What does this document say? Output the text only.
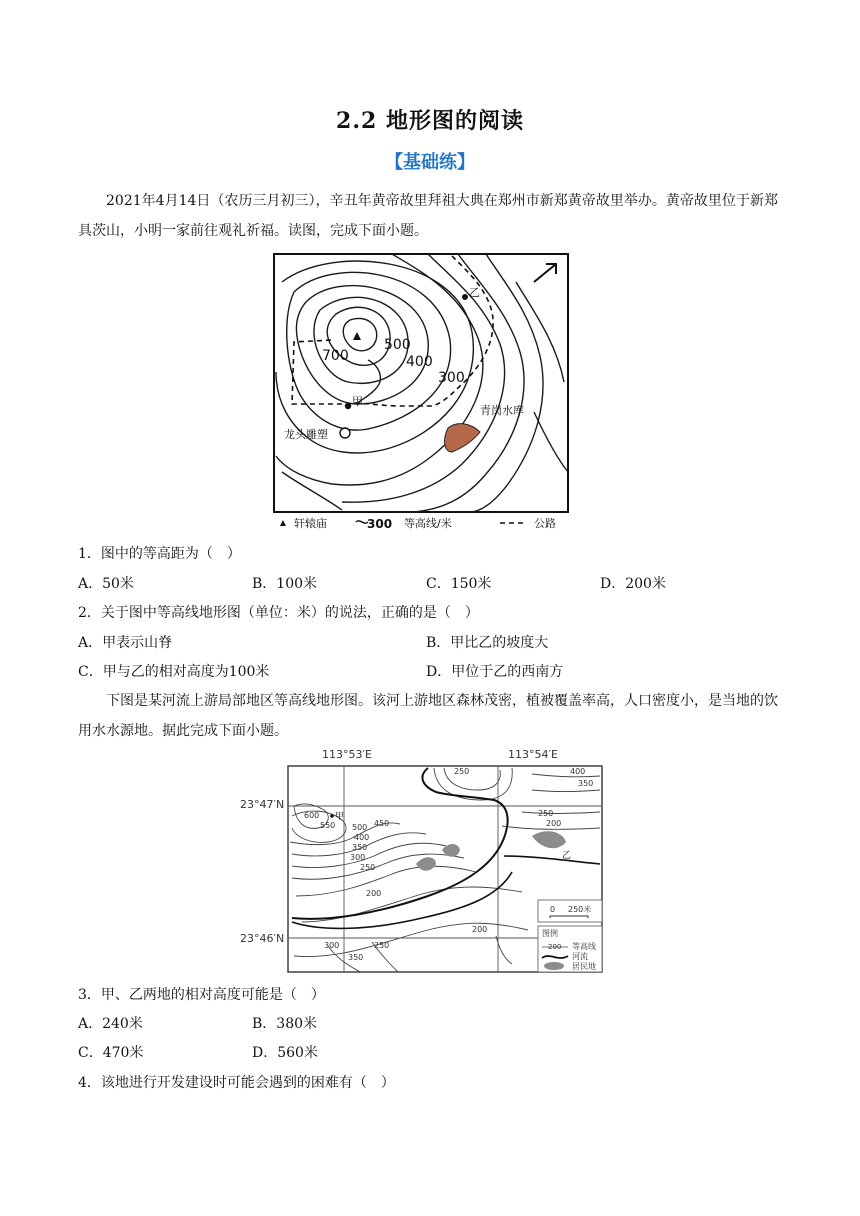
2.2 地形图的阅读
【基础练】
2021年4月14日（农历三月初三），辛丑年黄帝故里拜祖大典在郑州市新郑黄帝故里举办。黄帝故里位于新郑具茨山，小明一家前往观礼祈福。读图，完成下面小题。
700
500
400
300
乙
甲
青岗水库
龙头雕塑
轩辕庙	300 等高线/米	公路
1．图中的等高距为（　）
A．50米	B．100米	C．150米	D．200米
2．关于图中等高线地形图（单位：米）的说法，正确的是（　）
A．甲表示山脊	B．甲比乙的坡度大
C．甲与乙的相对高度为100米	D．甲位于乙的西南方
下图是某河流上游局部地区等高线地形图。该河上游地区森林茂密，植被覆盖率高，人口密度小，是当地的饮用水水源地。据此完成下面小题。
113°53′E	113°54′E
23°47′N
23°46′N
250	400
350
250
200
600
550 500 450
400
350
300
250
200
200
300	250
350
甲
乙
0 250米
图例
200 等高线
河流
居民地
3．甲、乙两地的相对高度可能是（　）
A．240米	B．380米
C．470米	D．560米
4．该地进行开发建设时可能会遇到的困难有（　）
